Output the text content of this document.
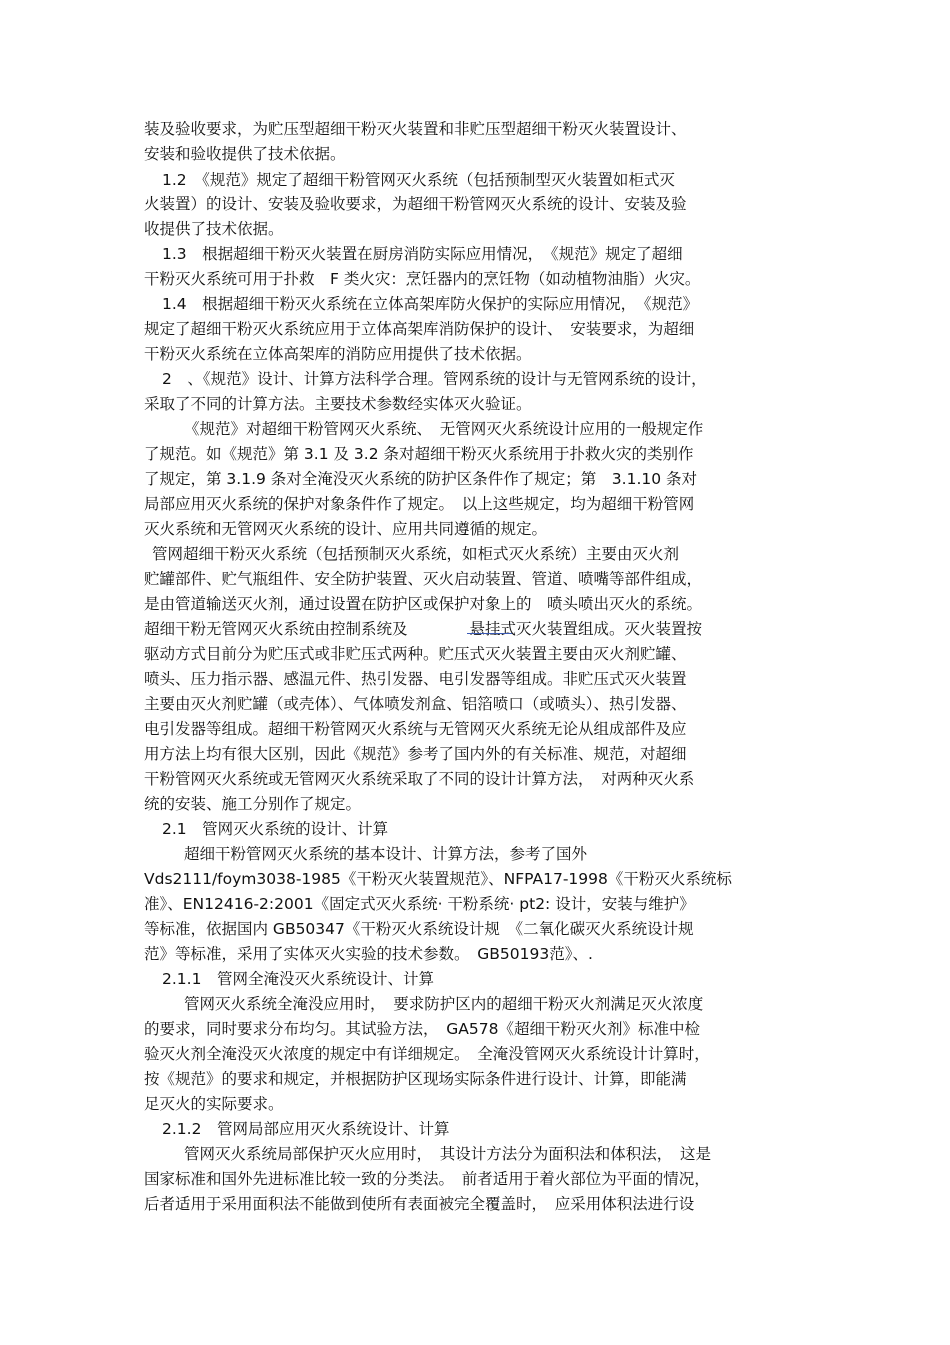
装及验收要求，为贮压型超细干粉灭火装置和非贮压型超细干粉灭火装置设计、
安装和验收提供了技术依据。
1.2　《规范》规定了超细干粉管网灭火系统（包括预制型灭火装置如柜式灭
火装置）的设计、安装及验收要求，为超细干粉管网灭火系统的设计、安装及验
收提供了技术依据。
1.3　根据超细干粉灭火装置在厨房消防实际应用情况，　《规范》规定了超细
干粉灭火系统可用于扑救　F 类火灾：烹饪器内的烹饪物（如动植物油脂）火灾。
1.4　根据超细干粉灭火系统在立体高架库防火保护的实际应用情况，　《规范》
规定了超细干粉灭火系统应用于立体高架库消防保护的设计、　安装要求，为超细
干粉灭火系统在立体高架库的消防应用提供了技术依据。
2　、《规范》设计、计算方法科学合理。管网系统的设计与无管网系统的设计，
采取了不同的计算方法。主要技术参数经实体灭火验证。
《规范》对超细干粉管网灭火系统、　无管网灭火系统设计应用的一般规定作
了规范。如《规范》第 3.1 及 3.2 条对超细干粉灭火系统用于扑救火灾的类别作
了规定，第 3.1.9 条对全淹没灭火系统的防护区条件作了规定；第　3.1.10 条对
局部应用灭火系统的保护对象条件作了规定。　以上这些规定，均为超细干粉管网
灭火系统和无管网灭火系统的设计、应用共同遵循的规定。
管网超细干粉灭火系统（包括预制灭火系统，如柜式灭火系统）主要由灭火剂
贮罐部件、贮气瓶组件、安全防护装置、灭火启动装置、管道、喷嘴等部件组成，
是由管道输送灭火剂，通过设置在防护区或保护对象上的　喷头喷出灭火的系统。
超细干粉无管网灭火系统由控制系统及　　　　悬挂式灭火装置组成。灭火装置按
驱动方式目前分为贮压式或非贮压式两种。贮压式灭火装置主要由灭火剂贮罐、
喷头、压力指示器、感温元件、热引发器、电引发器等组成。非贮压式灭火装置
主要由灭火剂贮罐（或壳体）、气体喷发剂盒、铝箔喷口（或喷头）、热引发器、
电引发器等组成。超细干粉管网灭火系统与无管网灭火系统无论从组成部件及应
用方法上均有很大区别，因此《规范》参考了国内外的有关标准、规范，对超细
干粉管网灭火系统或无管网灭火系统采取了不同的设计计算方法，　对两种灭火系
统的安装、施工分别作了规定。
2.1　管网灭火系统的设计、计算
超细干粉管网灭火系统的基本设计、计算方法，参考了国外
Vds2111/foym3038-1985《干粉灭火装置规范》、NFPA17-1998《干粉灭火系统标
准》、EN12416-2:2001《固定式灭火系统· 干粉系统· pt2: 设计，安装与维护》
等标准，依据国内 GB50347《干粉灭火系统设计规　《二氧化碳灭火系统设计规
范》等标准，采用了实体灭火实验的技术参数。　GB50193范》、.
2.1.1　管网全淹没灭火系统设计、计算
管网灭火系统全淹没应用时，　要求防护区内的超细干粉灭火剂满足灭火浓度
的要求，同时要求分布均匀。其试验方法，　GA578《超细干粉灭火剂》标准中检
验灭火剂全淹没灭火浓度的规定中有详细规定。　全淹没管网灭火系统设计计算时，
按《规范》的要求和规定，并根据防护区现场实际条件进行设计、计算，即能满
足灭火的实际要求。
2.1.2　管网局部应用灭火系统设计、计算
管网灭火系统局部保护灭火应用时，　其设计方法分为面积法和体积法，　这是
国家标准和国外先进标准比较一致的分类法。　前者适用于着火部位为平面的情况，
后者适用于采用面积法不能做到使所有表面被完全覆盖时，　应采用体积法进行设
